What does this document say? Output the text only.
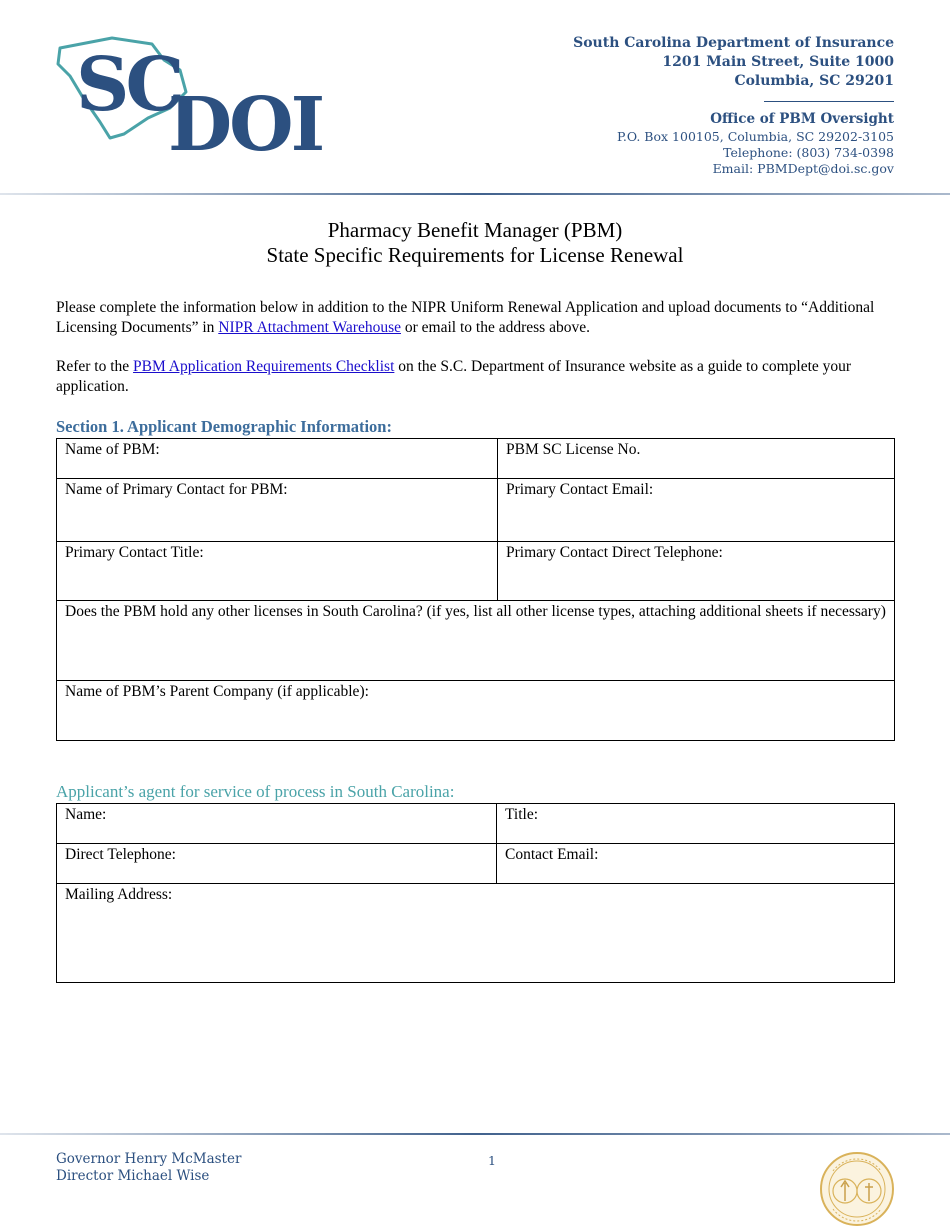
SC
DOI
South Carolina Department of Insurance
1201 Main Street, Suite 1000
Columbia, SC 29201
Office of PBM Oversight
P.O. Box 100105, Columbia, SC 29202-3105
Telephone: (803) 734-0398
Email: PBMDept@doi.sc.gov
Pharmacy Benefit Manager (PBM)
State Specific Requirements for License Renewal
Please complete the information below in addition to the NIPR Uniform Renewal Application and upload documents to “Additional Licensing Documents” in NIPR Attachment Warehouse or email to the address above.
Refer to the PBM Application Requirements Checklist on the S.C. Department of Insurance website as a guide to complete your application.
Section 1. Applicant Demographic Information:
Name of PBM:	PBM SC License No.
Name of Primary Contact for PBM:	Primary Contact Email:
Primary Contact Title:	Primary Contact Direct Telephone:
Does the PBM hold any other licenses in South Carolina? (if yes, list all other license types, attaching additional sheets if necessary)	
Name of PBM’s Parent Company (if applicable):	
Applicant’s agent for service of process in South Carolina:
Name:	Title:
Direct Telephone:	Contact Email:
Mailing Address:	
Governor Henry McMaster
Director Michael Wise
1
